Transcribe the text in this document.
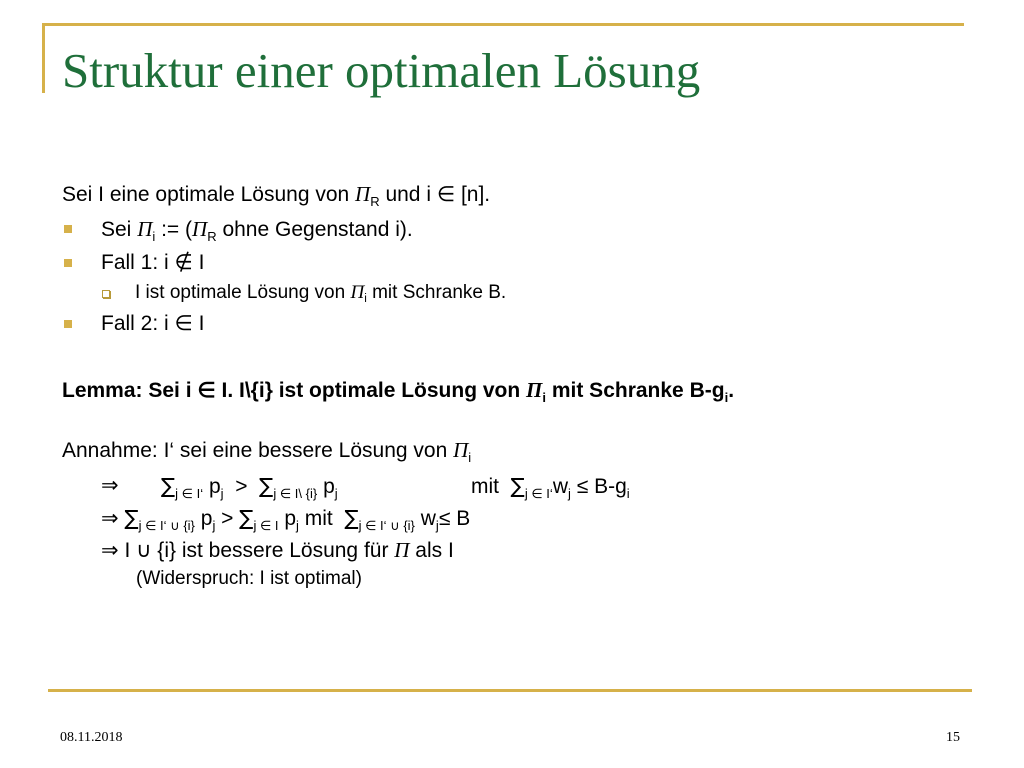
Struktur einer optimalen Lösung
Sei I eine optimale Lösung von $\Pi_R$ und i ∈ [n].
Sei $\Pi_i$ := ($\Pi_R$ ohne Gegenstand i).
Fall 1: i ∉ I
I ist optimale Lösung von $\Pi_i$ mit Schranke B.
Fall 2: i ∈ I
Lemma: Sei i ∈ I. I\{i} ist optimale Lösung von $\Pi_i$ mit Schranke $B-g_i$.
Annahme: I‘ sei eine bessere Lösung von $\Pi_i$
⇒ $\sum_{j \in I‘}$ $p_j > \sum_{j \in I\backslash \{i\}}$ $p_j$	mit  $\sum_{j \in I‘}w_j \le B-g_i$
⇒ $\sum_{j \in I‘ \cup \{i\}}$ $p_j > \sum_{j \in I}$ $p_j$ mit  $\sum_{j \in I‘ \cup \{i\}}$ $w_j\le B$
⇒ I ∪ {i} ist bessere Lösung für Π als I
(Widerspruch: I ist optimal)
08.11.2018	15
